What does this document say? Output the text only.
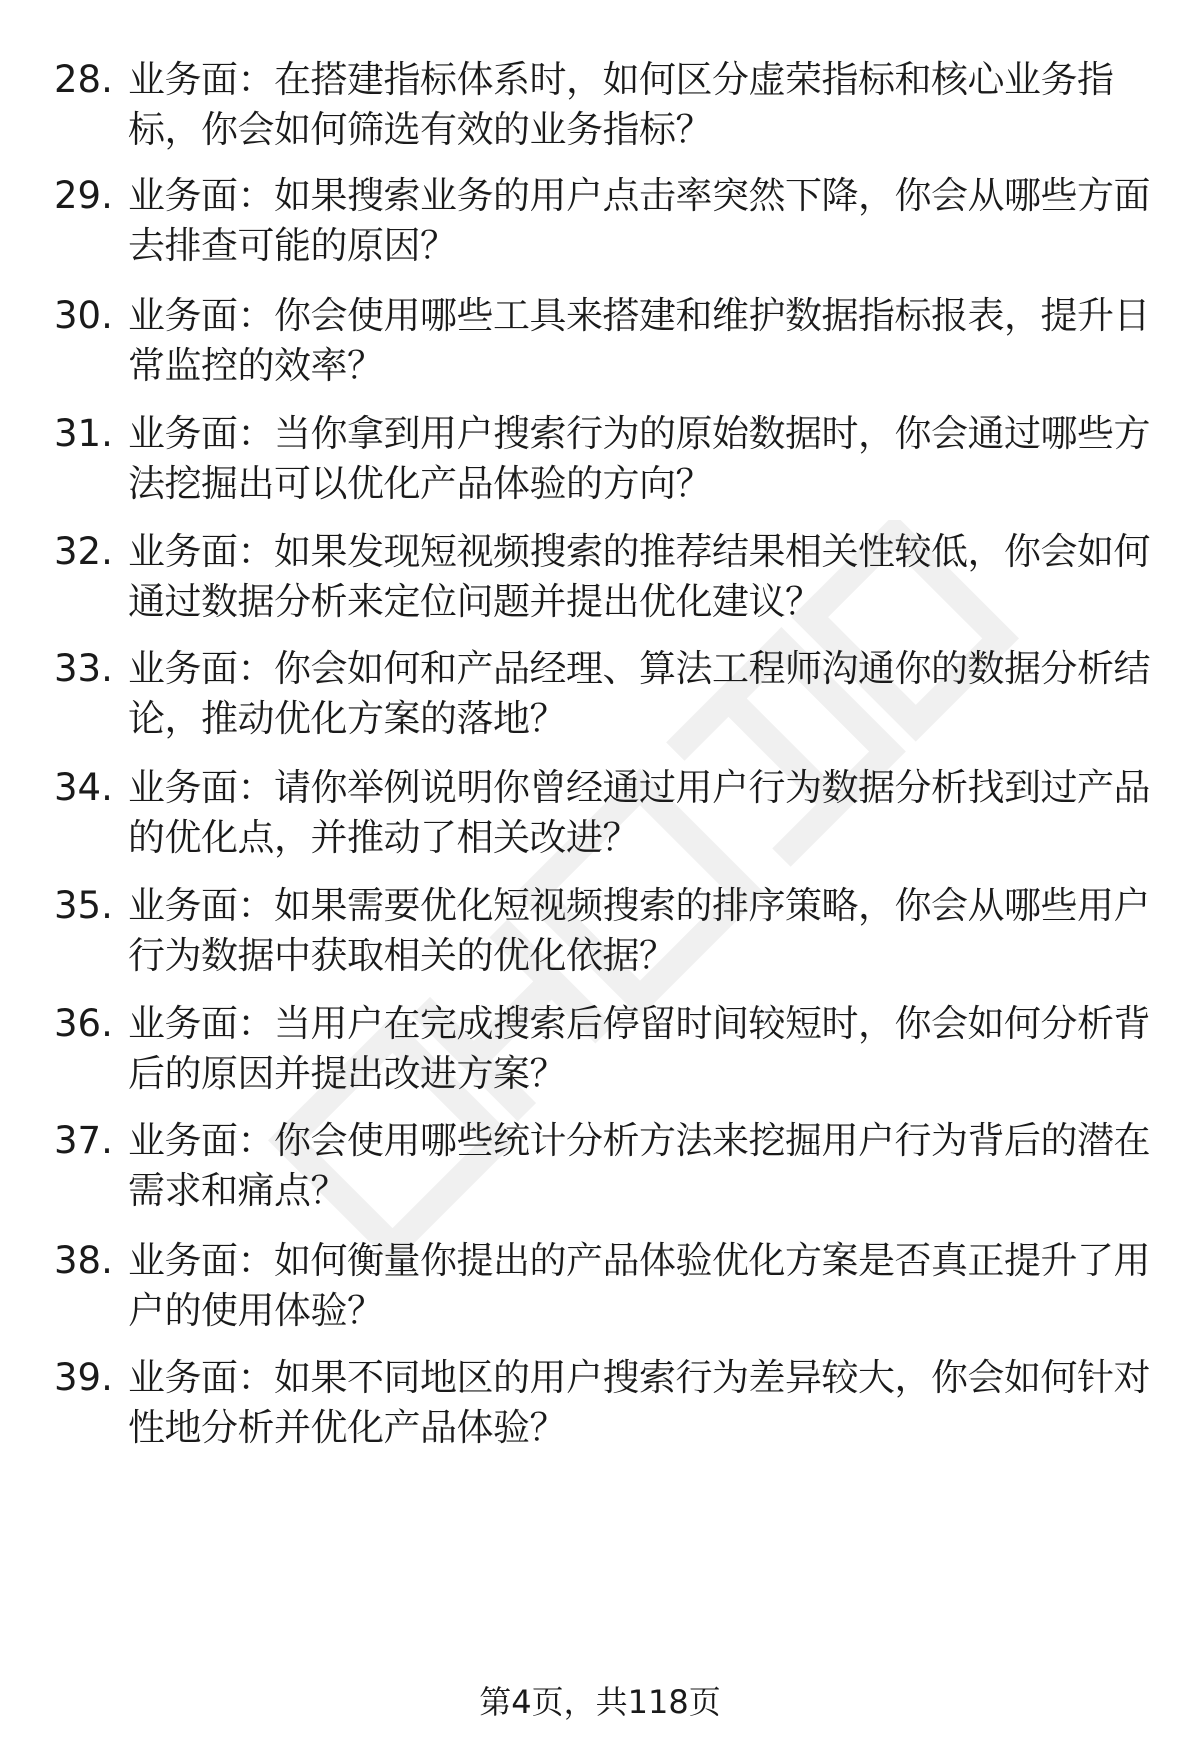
28. 业务面：在搭建指标体系时，如何区分虚荣指标和核心业务指
标，你会如何筛选有效的业务指标？
29. 业务面：如果搜索业务的用户点击率突然下降，你会从哪些方面
去排查可能的原因？
30. 业务面：你会使用哪些工具来搭建和维护数据指标报表，提升日
常监控的效率？
31. 业务面：当你拿到用户搜索行为的原始数据时，你会通过哪些方
法挖掘出可以优化产品体验的方向？
32. 业务面：如果发现短视频搜索的推荐结果相关性较低，你会如何
通过数据分析来定位问题并提出优化建议？
33. 业务面：你会如何和产品经理、算法工程师沟通你的数据分析结
论，推动优化方案的落地？
34. 业务面：请你举例说明你曾经通过用户行为数据分析找到过产品
的优化点，并推动了相关改进？
35. 业务面：如果需要优化短视频搜索的排序策略，你会从哪些用户
行为数据中获取相关的优化依据？
36. 业务面：当用户在完成搜索后停留时间较短时，你会如何分析背
后的原因并提出改进方案？
37. 业务面：你会使用哪些统计分析方法来挖掘用户行为背后的潜在
需求和痛点？
38. 业务面：如何衡量你提出的产品体验优化方案是否真正提升了用
户的使用体验？
39. 业务面：如果不同地区的用户搜索行为差异较大，你会如何针对
性地分析并优化产品体验？
第4页，共118页
